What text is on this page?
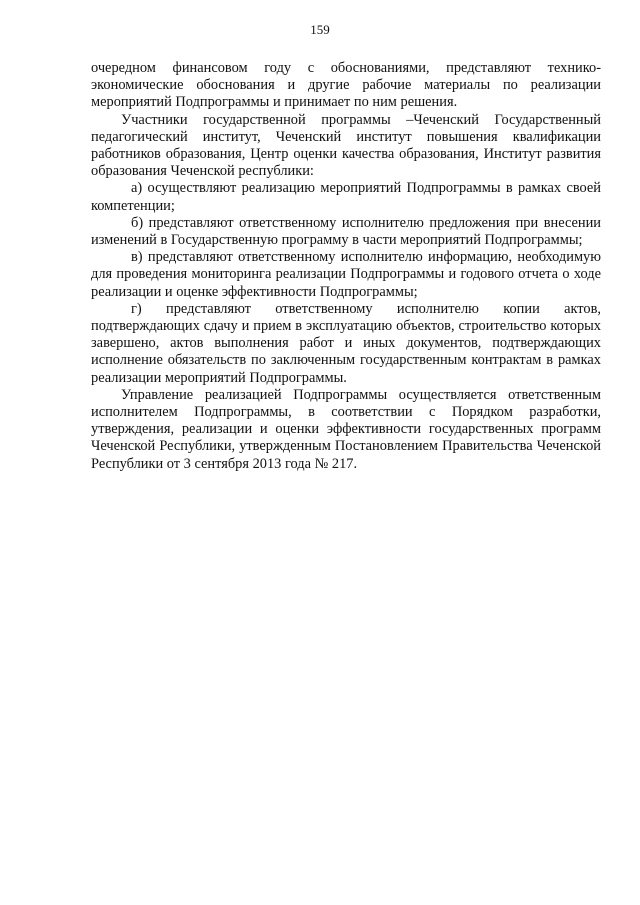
159

очередном финансовом году с обоснованиями, представляют технико-экономические обоснования и другие рабочие материалы по реализации мероприятий Подпрограммы и принимает по ним решения.

Участники государственной программы –Чеченский Государственный педагогический институт, Чеченский институт повышения квалификации работников образования, Центр оценки качества образования, Институт развития образования Чеченской республики:

а) осуществляют реализацию мероприятий Подпрограммы в рамках своей компетенции;

б) представляют ответственному исполнителю предложения при внесении изменений в Государственную программу в части мероприятий Подпрограммы;

в) представляют ответственному исполнителю информацию, необходимую для проведения мониторинга реализации Подпрограммы и годового отчета о ходе реализации и оценке эффективности Подпрограммы;

г) представляют ответственному исполнителю копии актов, подтверждающих сдачу и прием в эксплуатацию объектов, строительство которых завершено, актов выполнения работ и иных документов, подтверждающих исполнение обязательств по заключенным государственным контрактам в рамках реализации мероприятий Подпрограммы.

Управление реализацией Подпрограммы осуществляется ответственным исполнителем Подпрограммы, в соответствии с Порядком разработки, утверждения, реализации и оценки эффективности государственных программ Чеченской Республики, утвержденным Постановлением Правительства Чеченской Республики от 3 сентября 2013 года № 217.
